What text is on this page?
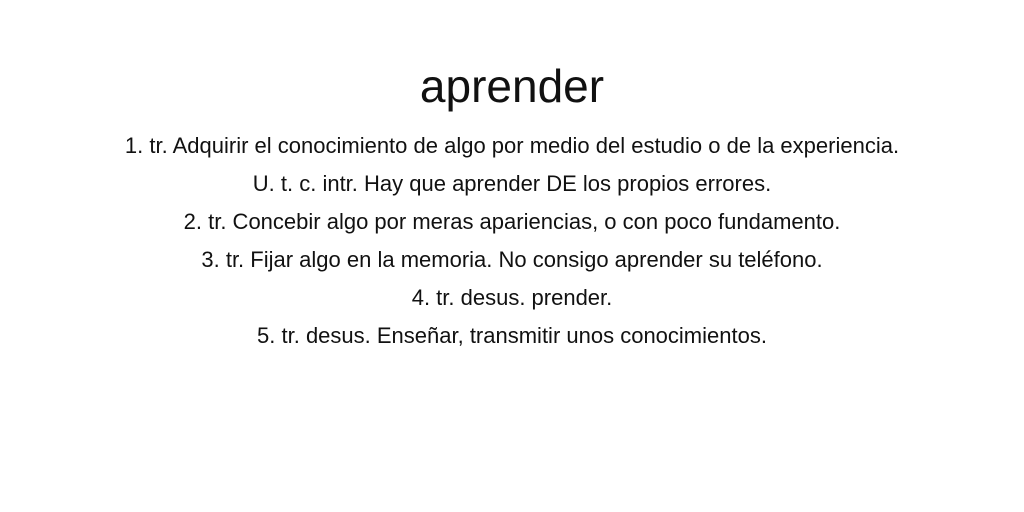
aprender
1. tr. Adquirir el conocimiento de algo por medio del estudio o de la experiencia. U. t. c. intr. Hay que aprender DE los propios errores.
2. tr. Concebir algo por meras apariencias, o con poco fundamento.
3. tr. Fijar algo en la memoria. No consigo aprender su teléfono.
4. tr. desus. prender.
5. tr. desus. Enseñar, transmitir unos conocimientos.
